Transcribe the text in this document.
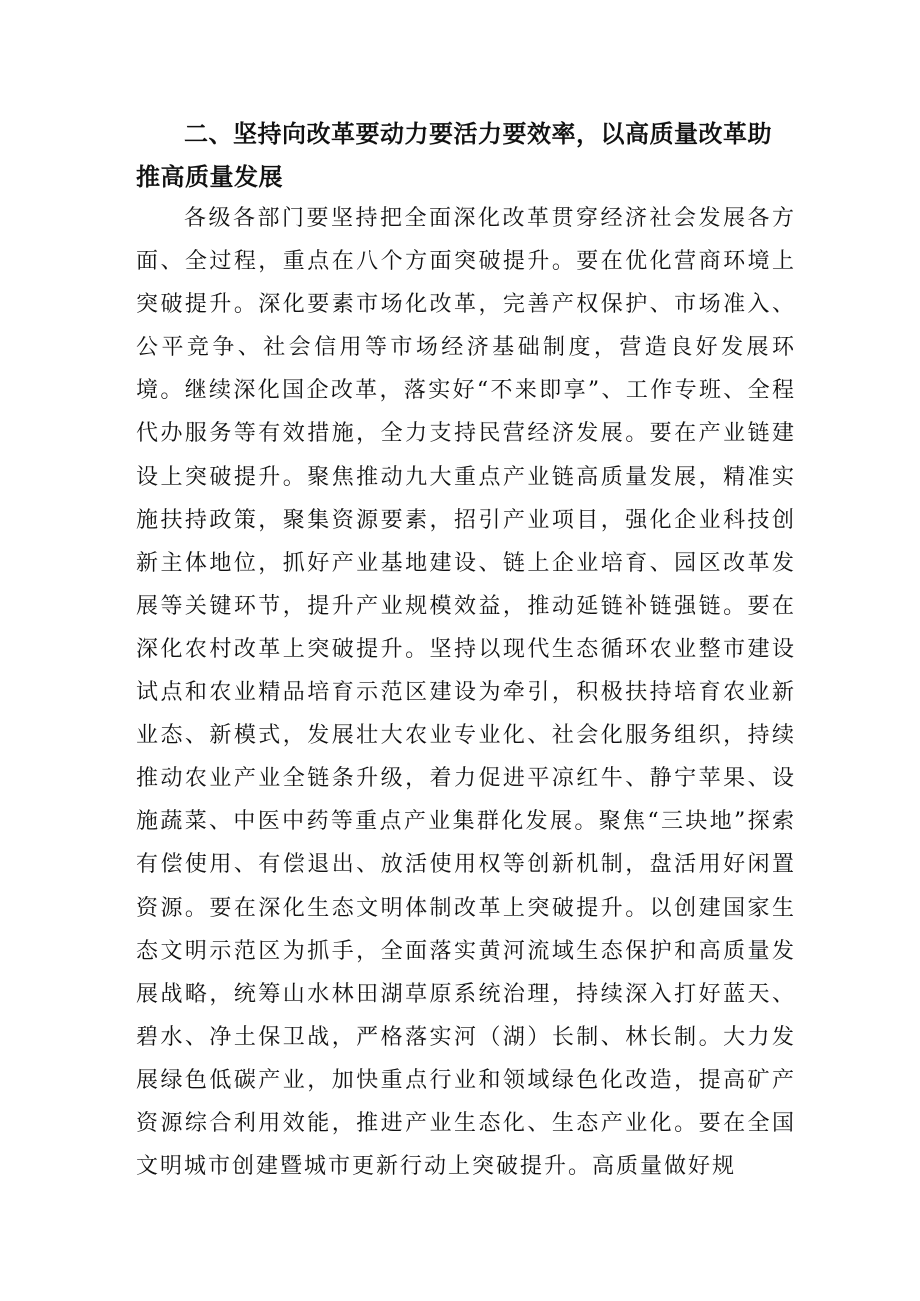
二、坚持向改革要动力要活力要效率，以高质量改革助推高质量发展

各级各部门要坚持把全面深化改革贯穿经济社会发展各方面、全过程，重点在八个方面突破提升。要在优化营商环境上突破提升。深化要素市场化改革，完善产权保护、市场准入、公平竞争、社会信用等市场经济基础制度，营造良好发展环境。继续深化国企改革，落实好“不来即享”、工作专班、全程代办服务等有效措施，全力支持民营经济发展。要在产业链建设上突破提升。聚焦推动九大重点产业链高质量发展，精准实施扶持政策，聚集资源要素，招引产业项目，强化企业科技创新主体地位，抓好产业基地建设、链上企业培育、园区改革发展等关键环节，提升产业规模效益，推动延链补链强链。要在深化农村改革上突破提升。坚持以现代生态循环农业整市建设试点和农业精品培育示范区建设为牵引，积极扶持培育农业新业态、新模式，发展壮大农业专业化、社会化服务组织，持续推动农业产业全链条升级，着力促进平凉红牛、静宁苹果、设施蔬菜、中医中药等重点产业集群化发展。聚焦“三块地”探索有偿使用、有偿退出、放活使用权等创新机制，盘活用好闲置资源。要在深化生态文明体制改革上突破提升。以创建国家生态文明示范区为抓手，全面落实黄河流域生态保护和高质量发展战略，统筹山水林田湖草原系统治理，持续深入打好蓝天、碧水、净土保卫战，严格落实河（湖）长制、林长制。大力发展绿色低碳产业，加快重点行业和领域绿色化改造，提高矿产资源综合利用效能，推进产业生态化、生态产业化。要在全国文明城市创建暨城市更新行动上突破提升。高质量做好规
